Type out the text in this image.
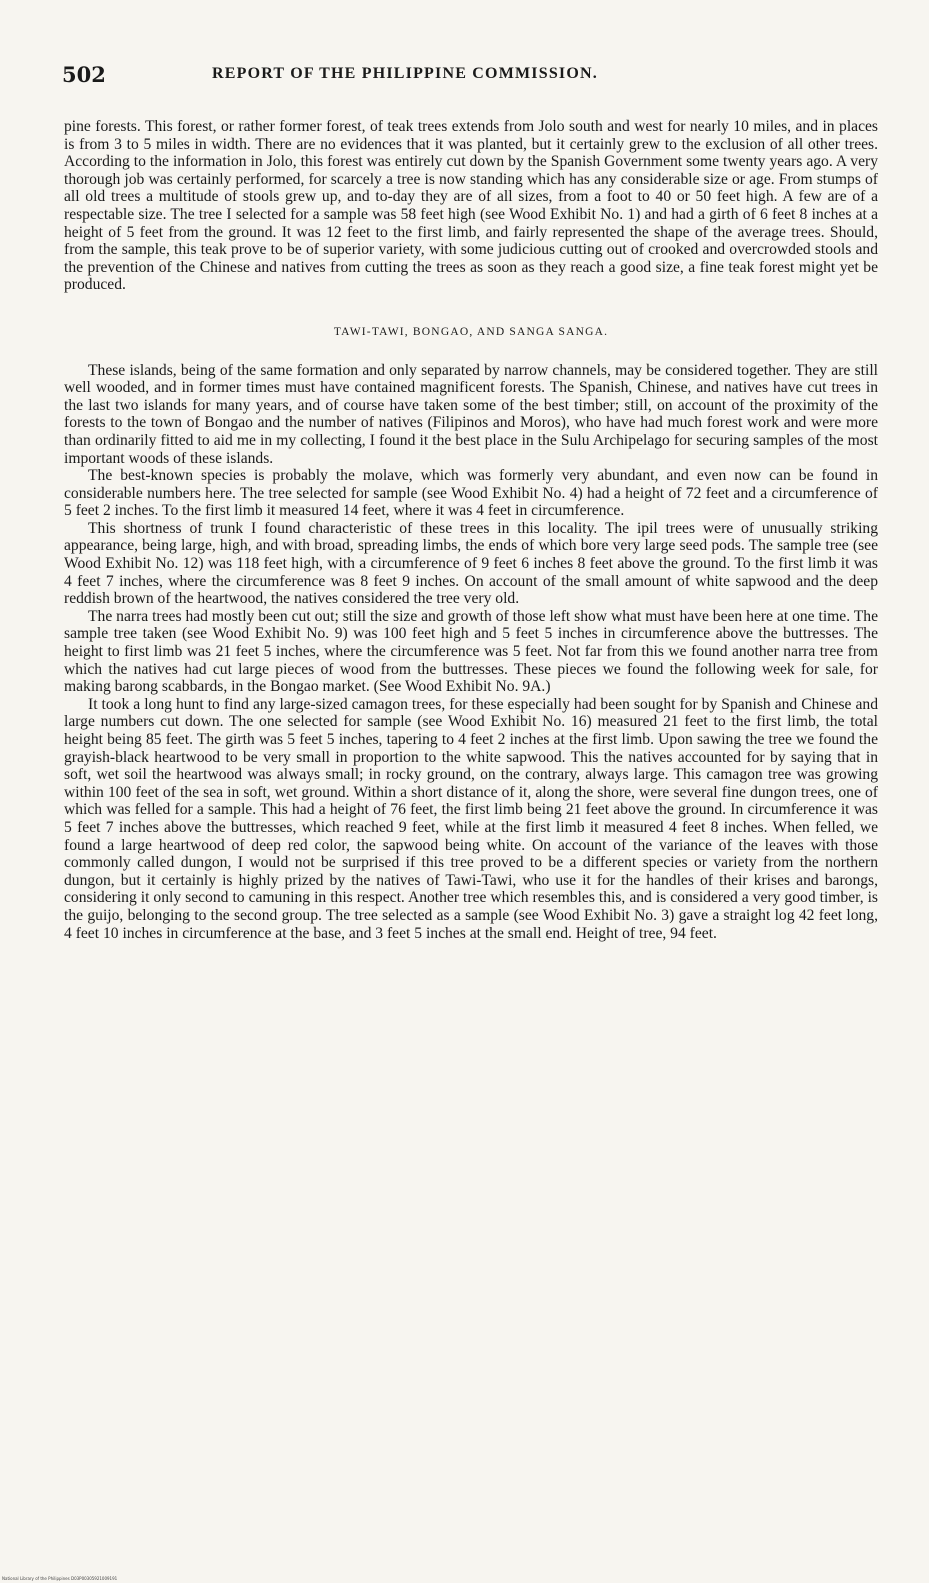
502	REPORT OF THE PHILIPPINE COMMISSION.

pine forests. This forest, or rather former forest, of teak trees extends from Jolo south and west for nearly 10 miles, and in places is from 3 to 5 miles in width. There are no evidences that it was planted, but it certainly grew to the exclusion of all other trees. According to the information in Jolo, this forest was entirely cut down by the Spanish Government some twenty years ago. A very thorough job was certainly performed, for scarcely a tree is now standing which has any considerable size or age. From stumps of all old trees a multitude of stools grew up, and to-day they are of all sizes, from a foot to 40 or 50 feet high. A few are of a respectable size. The tree I selected for a sample was 58 feet high (see Wood Exhibit No. 1) and had a girth of 6 feet 8 inches at a height of 5 feet from the ground. It was 12 feet to the first limb, and fairly represented the shape of the average trees. Should, from the sample, this teak prove to be of superior variety, with some judicious cutting out of crooked and overcrowded stools and the prevention of the Chinese and natives from cutting the trees as soon as they reach a good size, a fine teak forest might yet be produced.

TAWI-TAWI, BONGAO, AND SANGA SANGA.

These islands, being of the same formation and only separated by narrow channels, may be considered together. They are still well wooded, and in former times must have contained magnificent forests. The Spanish, Chinese, and natives have cut trees in the last two islands for many years, and of course have taken some of the best timber; still, on account of the proximity of the forests to the town of Bongao and the number of natives (Filipinos and Moros), who have had much forest work and were more than ordinarily fitted to aid me in my collecting, I found it the best place in the Sulu Archipelago for securing samples of the most important woods of these islands.

The best-known species is probably the molave, which was formerly very abundant, and even now can be found in considerable numbers here. The tree selected for sample (see Wood Exhibit No. 4) had a height of 72 feet and a circumference of 5 feet 2 inches. To the first limb it measured 14 feet, where it was 4 feet in circumference.

This shortness of trunk I found characteristic of these trees in this locality. The ipil trees were of unusually striking appearance, being large, high, and with broad, spreading limbs, the ends of which bore very large seed pods. The sample tree (see Wood Exhibit No. 12) was 118 feet high, with a circumference of 9 feet 6 inches 8 feet above the ground. To the first limb it was 4 feet 7 inches, where the circumference was 8 feet 9 inches. On account of the small amount of white sapwood and the deep reddish brown of the heartwood, the natives considered the tree very old.

The narra trees had mostly been cut out; still the size and growth of those left show what must have been here at one time. The sample tree taken (see Wood Exhibit No. 9) was 100 feet high and 5 feet 5 inches in circumference above the buttresses. The height to first limb was 21 feet 5 inches, where the circumference was 5 feet. Not far from this we found another narra tree from which the natives had cut large pieces of wood from the buttresses. These pieces we found the following week for sale, for making barong scabbards, in the Bongao market. (See Wood Exhibit No. 9A.)

It took a long hunt to find any large-sized camagon trees, for these especially had been sought for by Spanish and Chinese and large numbers cut down. The one selected for sample (see Wood Exhibit No. 16) measured 21 feet to the first limb, the total height being 85 feet. The girth was 5 feet 5 inches, tapering to 4 feet 2 inches at the first limb. Upon sawing the tree we found the grayish-black heartwood to be very small in proportion to the white sapwood. This the natives accounted for by saying that in soft, wet soil the heartwood was always small; in rocky ground, on the contrary, always large. This camagon tree was growing within 100 feet of the sea in soft, wet ground. Within a short distance of it, along the shore, were several fine dungon trees, one of which was felled for a sample. This had a height of 76 feet, the first limb being 21 feet above the ground. In circumference it was 5 feet 7 inches above the buttresses, which reached 9 feet, while at the first limb it measured 4 feet 8 inches. When felled, we found a large heartwood of deep red color, the sapwood being white. On account of the variance of the leaves with those commonly called dungon, I would not be surprised if this tree proved to be a different species or variety from the northern dungon, but it certainly is highly prized by the natives of Tawi-Tawi, who use it for the handles of their krises and barongs, considering it only second to camuning in this respect. Another tree which resembles this, and is considered a very good timber, is the guijo, belonging to the second group. The tree selected as a sample (see Wood Exhibit No. 3) gave a straight log 42 feet long, 4 feet 10 inches in circumference at the base, and 3 feet 5 inches at the small end. Height of tree, 94 feet.

National Library of the Philippines D03P00305921009191
